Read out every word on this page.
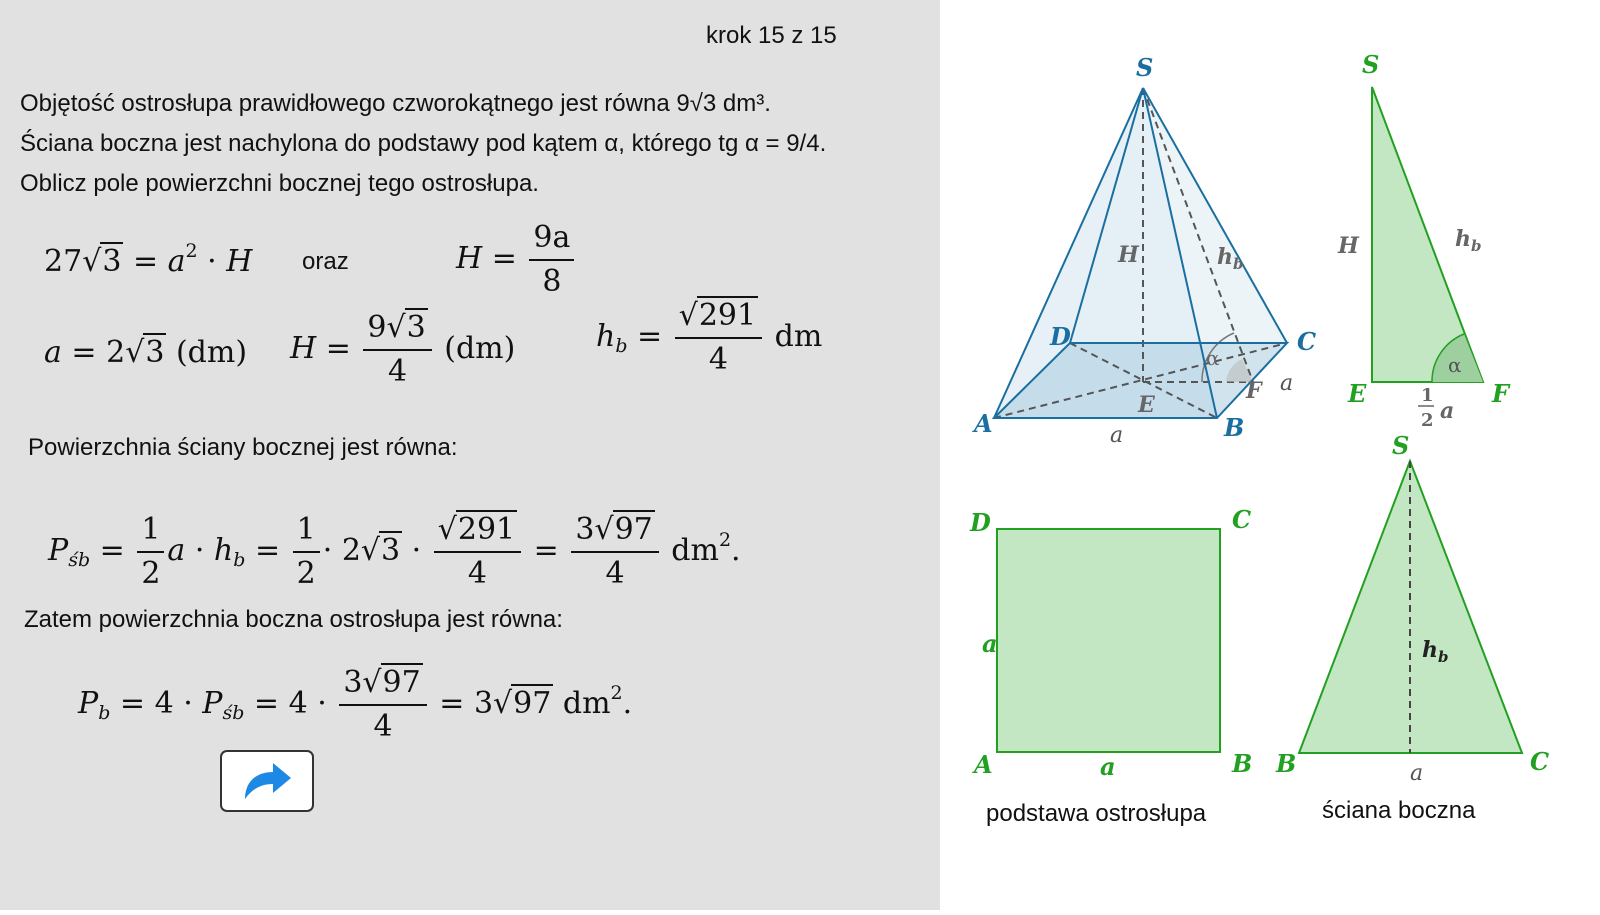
krok 15 z 15
Objętość ostrosłupa prawidłowego czworokątnego jest równa 9√3 dm³.
Ściana boczna jest nachylona do podstawy pod kątem α, którego tg α = 9/4.
Oblicz pole powierzchni bocznej tego ostrosłupa.
$27√3 = a^2 \cdot H$ oraz	$H = \frac{9a}{8}$
a = 2√3 (dm) $H = \frac{9√3}{4} (dm)$	$h_b = \frac{√291}{4}$ dm
Powierzchnia ściany bocznej jest równa:
$P_{śb} = \frac{1}{2}$ $a \cdot h_b = \frac{1}{2} \cdot 2√3 \cdot \frac{√291}{4} = \frac{3√97}{4} dm^2$.
Zatem powierzchnia boczna ostrosłupa jest równa:
$P_b = 4 \cdot P_{śb} = 4 \cdot \frac{3√97}{4} = 3√97$ $dm^2$.
S
A	B
C
D
E
F
H	$h_b$
α
a
a
S
E	F
H	$h_b$
α
1
2 a
D	C
A	B
a
a
S
B	C
$h_b$
a
podstawa ostrosłupa	ściana boczna
